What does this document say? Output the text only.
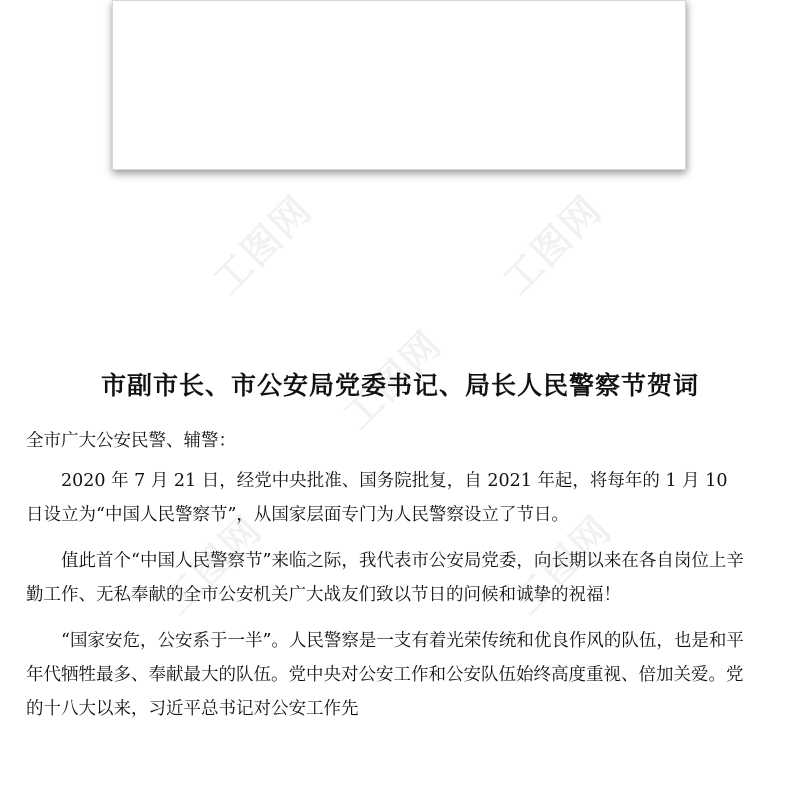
工图网	工图网
工图网
工图网	工图网
市副市长、市公安局党委书记、局长人民警察节贺词

全市广大公安民警、辅警：

2020 年 7 月 21 日，经党中央批准、国务院批复，自 2021 年起，将每年的 1 月 10 日设立为“中国人民警察节”，从国家层面专门为人民警察设立了节日。

值此首个“中国人民警察节”来临之际，我代表市公安局党委，向长期以来在各自岗位上辛勤工作、无私奉献的全市公安机关广大战友们致以节日的问候和诚挚的祝福！

“国家安危，公安系于一半”。人民警察是一支有着光荣传统和优良作风的队伍，也是和平年代牺牲最多、奉献最大的队伍。党中央对公安工作和公安队伍始终高度重视、倍加关爱。党的十八大以来，习近平总书记对公安工作先
